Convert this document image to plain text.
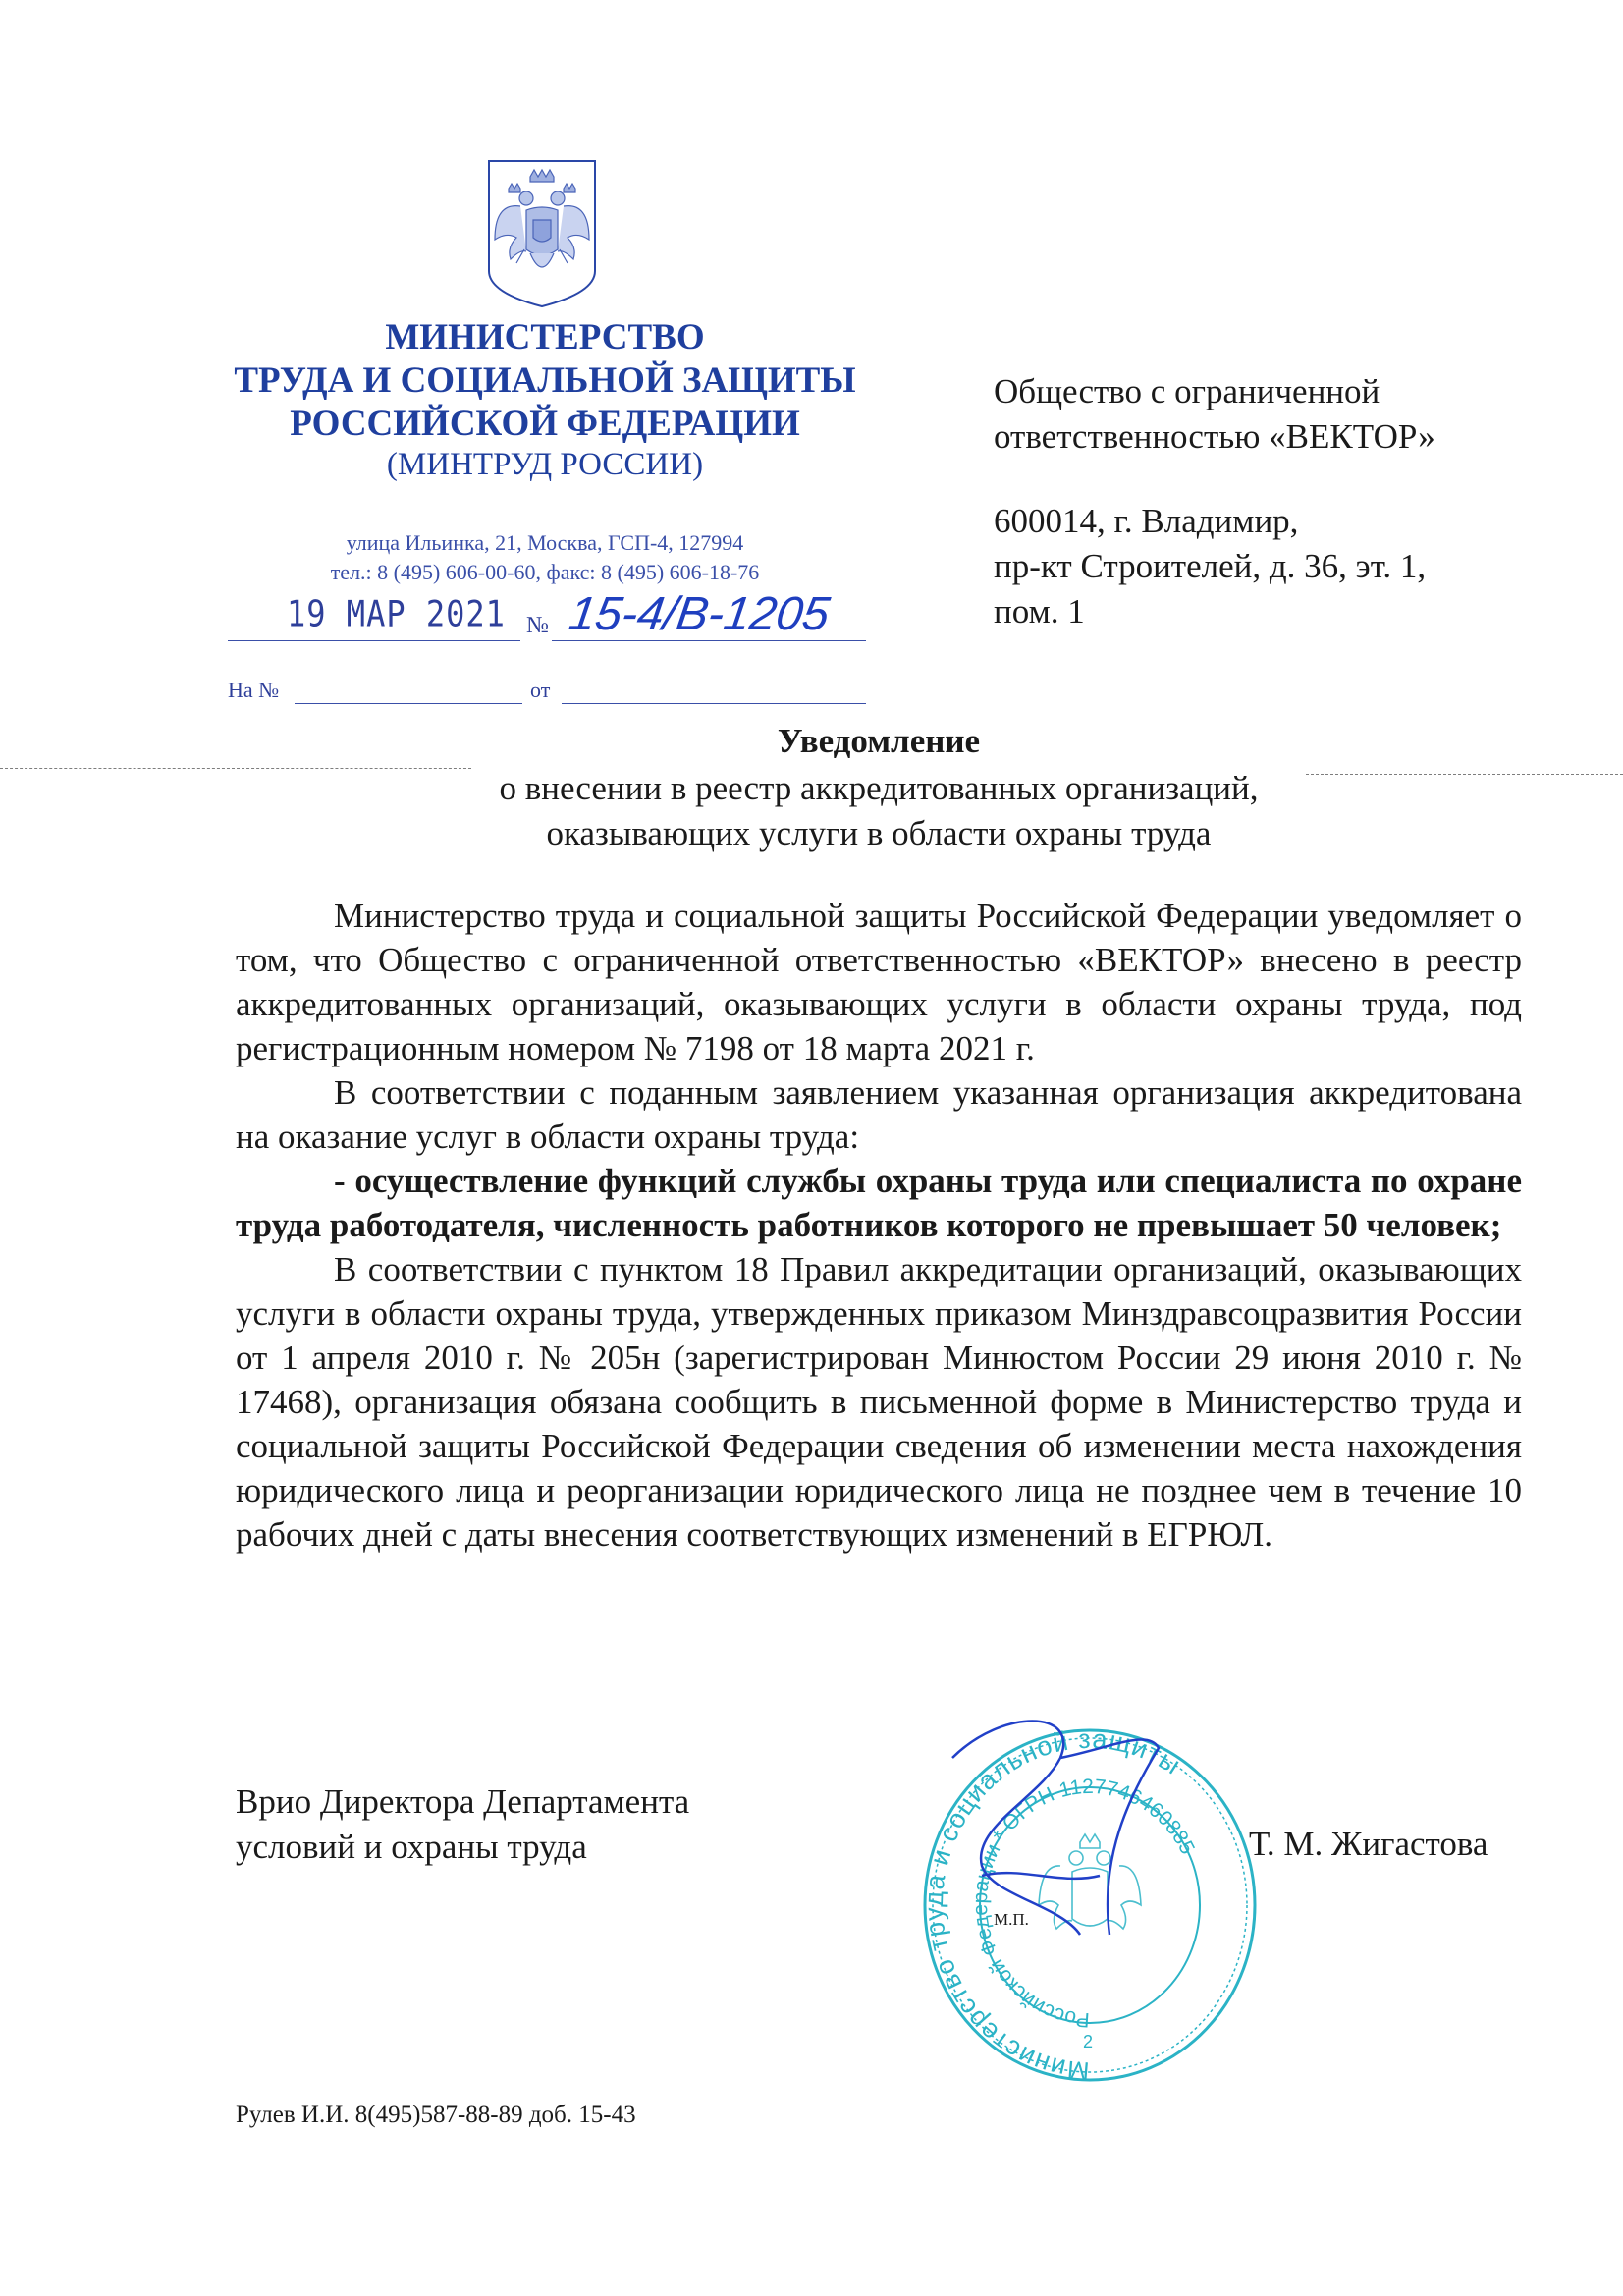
МИНИСТЕРСТВО
ТРУДА И СОЦИАЛЬНОЙ ЗАЩИТЫ
РОССИЙСКОЙ ФЕДЕРАЦИИ
(МИНТРУД РОССИИ)
улица Ильинка, 21, Москва, ГСП-4, 127994
тел.: 8 (495) 606-00-60, факс: 8 (495) 606-18-76
19 МАР 2021 № 15-4/В-1205
На №	от
Общество с ограниченной
ответственностью «ВЕКТОР»
600014, г. Владимир,
пр-кт Строителей, д. 36, эт. 1,
пом. 1
Уведомление
о внесении в реестр аккредитованных организаций,
оказывающих услуги в области охраны труда

Министерство труда и социальной защиты Российской Федерации уведомляет о том, что Общество с ограниченной ответственностью «ВЕКТОР» внесено в реестр аккредитованных организаций, оказывающих услуги в области охраны труда, под регистрационным номером № 7198 от 18 марта 2021 г.

В соответствии с поданным заявлением указанная организация аккредитована на оказание услуг в области охраны труда:

- осуществление функций службы охраны труда или специалиста по охране труда работодателя, численность работников которого не превышает 50 человек;

В соответствии с пунктом 18 Правил аккредитации организаций, оказывающих услуги в области охраны труда, утвержденных приказом Минздравсоцразвития России от 1 апреля 2010 г. № 205н (зарегистрирован Минюстом России 29 июня 2010 г. № 17468), организация обязана сообщить в письменной форме в Министерство труда и социальной защиты Российской Федерации сведения об изменении места нахождения юридического лица и реорганизации юридического лица не позднее чем в течение 10 рабочих дней с даты внесения соответствующих изменений в ЕГРЮЛ.

Министерство труда и социальной защиты
Российской Федерации * ОГРН 1127746460885
2
Врио Директора Департамента
условий и охраны труда
М.П.
Т. М. Жигастова
Рулев И.И. 8(495)587-88-89 доб. 15-43
